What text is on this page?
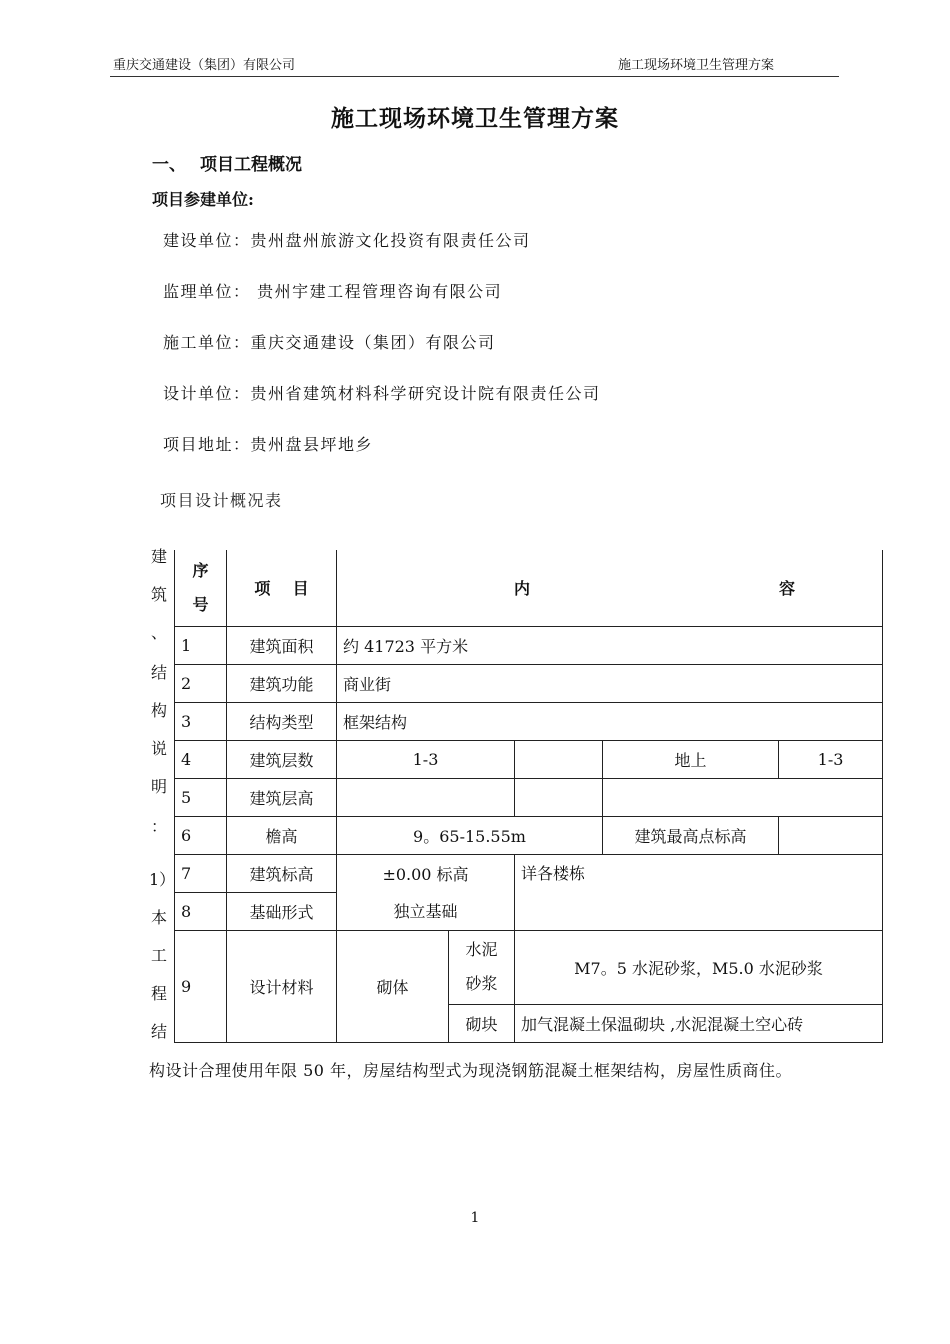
重庆交通建设（集团）有限公司	施工现场环境卫生管理方案
施工现场环境卫生管理方案
一、 项目工程概况
项目参建单位:
建设单位：贵州盘州旅游文化投资有限责任公司
监理单位： 贵州宇建工程管理咨询有限公司
施工单位：重庆交通建设（集团）有限公司
设计单位：贵州省建筑材料科学研究设计院有限责任公司
项目地址：贵州盘县坪地乡
项目设计概况表
建
筑
、
结
构
说
明
：
1）
本
工
程
结
序
号	项    目	内 容				
1	建筑面积	约 41723 平方米				
2	建筑功能	商业街				
3	结构类型	框架结构				
4	建筑层数	1-3			地上	1-3
5	建筑层高					
6	檐高	9。65-15.55m			建筑最高点标高	
7	建筑标高	±0.00 标高		详各楼栋		
8	基础形式	独立基础				
9	设计材料	砌体	水泥
砂浆	M7。5 水泥砂浆，M5.0 水泥砂浆		
			砌块	加气混凝土保温砌块 ,水泥混凝土空心砖		
构设计合理使用年限 50 年，房屋结构型式为现浇钢筋混凝土框架结构，房屋性质商住。
1
